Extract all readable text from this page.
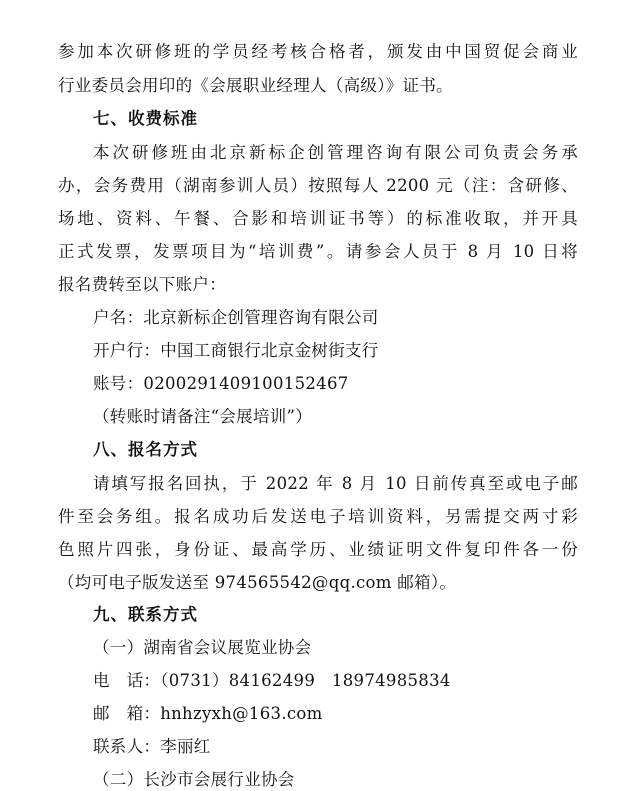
参加本次研修班的学员经考核合格者，颁发由中国贸促会商业
行业委员会用印的《会展职业经理人（高级）》证书。
七、收费标准
本次研修班由北京新标企创管理咨询有限公司负责会务承
办，会务费用（湖南参训人员）按照每人 2200 元（注：含研修、
场地、资料、午餐、合影和培训证书等）的标准收取，并开具
正式发票，发票项目为“培训费”。请参会人员于 8 月 10 日将
报名费转至以下账户：
户名：北京新标企创管理咨询有限公司
开户行：中国工商银行北京金树街支行
账号：0200291409100152467
（转账时请备注“会展培训”）
八、报名方式
请填写报名回执，于 2022 年 8 月 10 日前传真至或电子邮
件至会务组。报名成功后发送电子培训资料，另需提交两寸彩
色照片四张，身份证、最高学历、业绩证明文件复印件各一份
（均可电子版发送至 974565542@qq.com 邮箱）。
九、联系方式
（一）湖南省会议展览业协会
电　话：（0731）84162499　18974985834
邮　箱：hnhzyxh@163.com
联系人：李丽红
（二）长沙市会展行业协会
